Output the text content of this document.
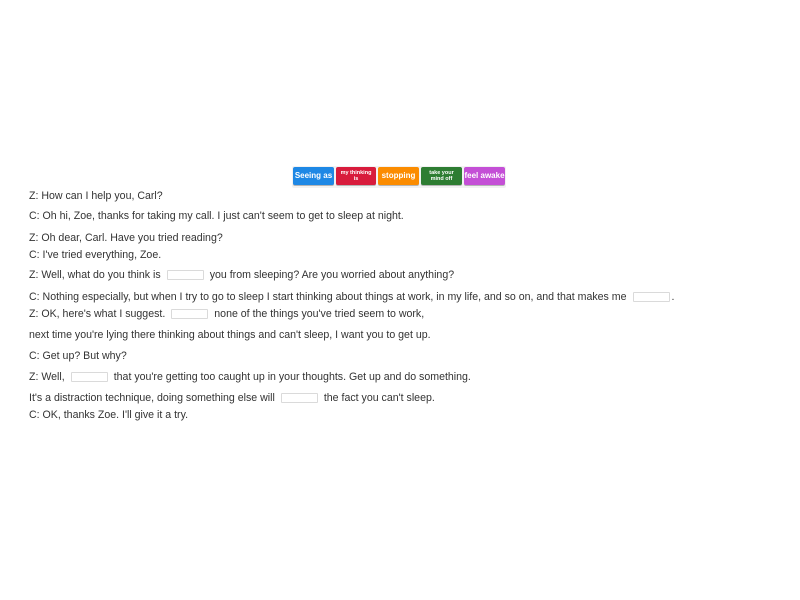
Seeing as	my thinking is	stopping	take your mind off	feel awake
Z: How can I help you, Carl?
C: Oh hi, Zoe, thanks for taking my call. I just can't seem to get to sleep at night.
Z: Oh dear, Carl. Have you tried reading?
C: I've tried everything, Zoe.
Z: Well, what do you think is	you from sleeping? Are you worried about anything?
C: Nothing especially, but when I try to go to sleep I start thinking about things at work, in my life, and so on, and that makes me	.
Z: OK, here's what I suggest.	none of the things you've tried seem to work,
next time you're lying there thinking about things and can't sleep, I want you to get up.
C: Get up? But why?
Z: Well,	that you're getting too caught up in your thoughts. Get up and do something.
It's a distraction technique, doing something else will	the fact you can't sleep.
C: OK, thanks Zoe. I'll give it a try.
